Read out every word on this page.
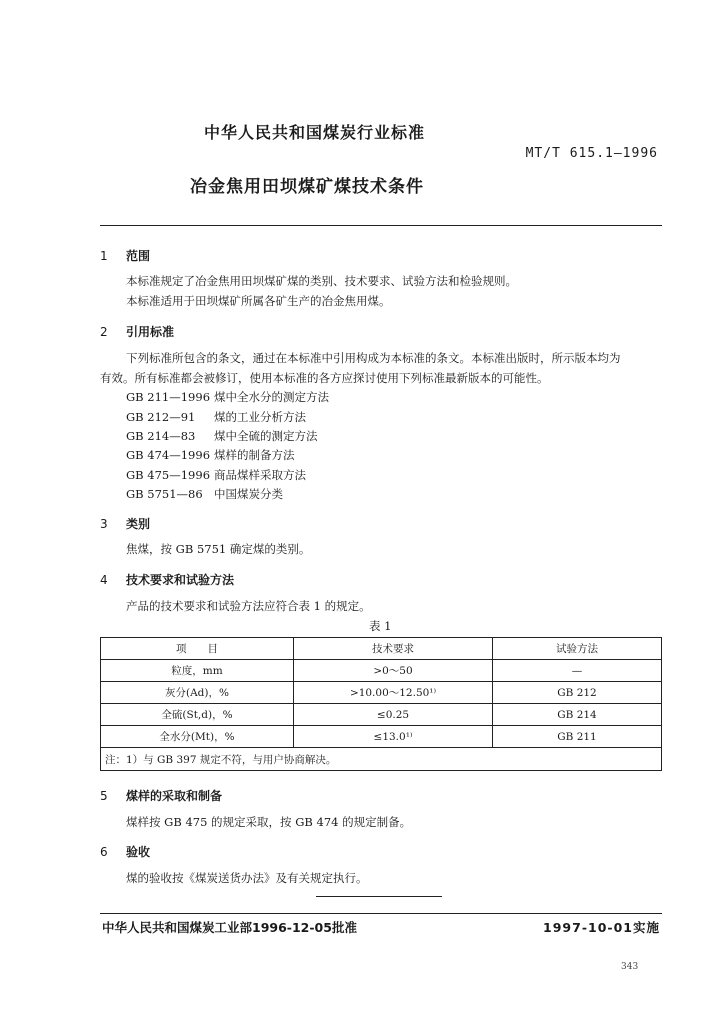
中华人民共和国煤炭行业标准
MT/T 615.1—1996
冶金焦用田坝煤矿煤技术条件
1 范围
本标准规定了冶金焦用田坝煤矿煤的类别、技术要求、试验方法和检验规则。
本标准适用于田坝煤矿所属各矿生产的冶金焦用煤。
2 引用标准
下列标准所包含的条文，通过在本标准中引用构成为本标准的条文。本标准出版时，所示版本均为
有效。所有标准都会被修订，使用本标准的各方应探讨使用下列标准最新版本的可能性。
GB 211—1996 煤中全水分的测定方法
GB 212—91 煤的工业分析方法
GB 214—83 煤中全硫的测定方法
GB 474—1996 煤样的制备方法
GB 475—1996 商品煤样采取方法
GB 5751—86 中国煤炭分类
3 类别
焦煤，按 GB 5751 确定煤的类别。
4 技术要求和试验方法
产品的技术要求和试验方法应符合表 1 的规定。
表 1
项　　目	技术要求	试验方法
粒度，mm	>0～50	—
灰分(Ad)，%	>10.00～12.50¹⁾	GB 212
全硫(St,d)，%	≤0.25	GB 214
全水分(Mt)，%	≤13.0¹⁾	GB 211
注：1）与 GB 397 规定不符，与用户协商解决。		
5 煤样的采取和制备
煤样按 GB 475 的规定采取，按 GB 474 的规定制备。
6 验收
煤的验收按《煤炭送货办法》及有关规定执行。
中华人民共和国煤炭工业部1996-12-05批准	1997-10-01实施
343
